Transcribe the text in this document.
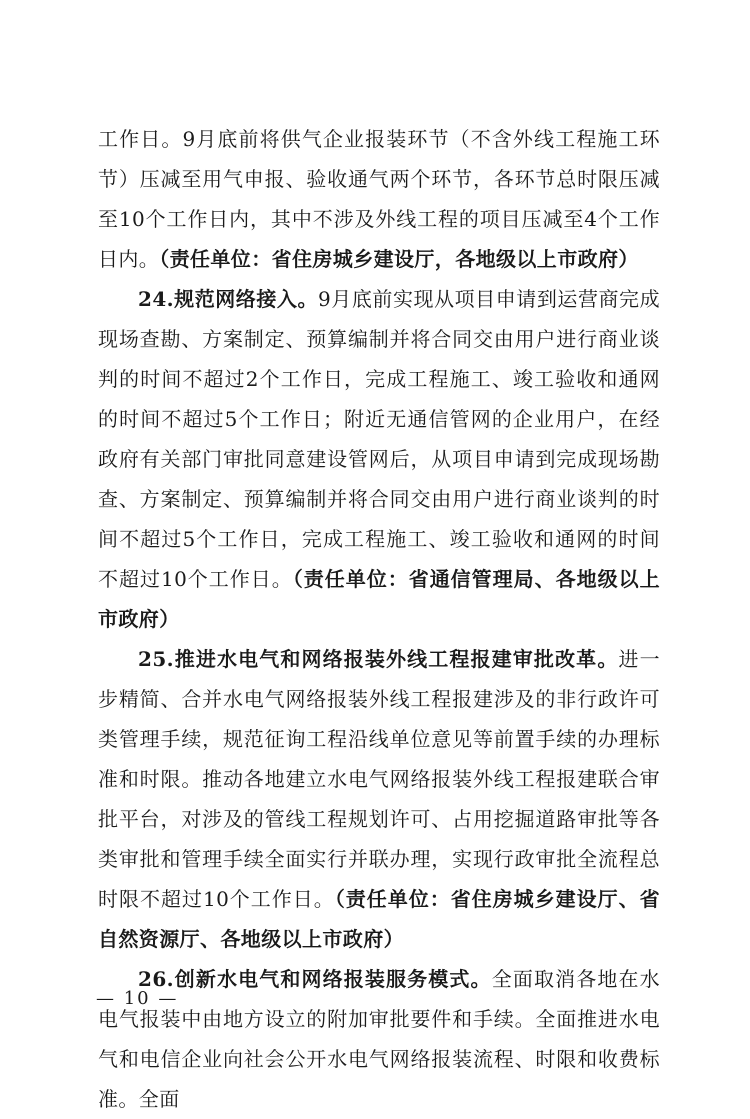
工作日。9月底前将供气企业报装环节（不含外线工程施工环节）压减至用气申报、验收通气两个环节，各环节总时限压减至10个工作日内，其中不涉及外线工程的项目压减至4个工作日内。（责任单位：省住房城乡建设厅，各地级以上市政府）

24.规范网络接入。9月底前实现从项目申请到运营商完成现场查勘、方案制定、预算编制并将合同交由用户进行商业谈判的时间不超过2个工作日，完成工程施工、竣工验收和通网的时间不超过5个工作日；附近无通信管网的企业用户，在经政府有关部门审批同意建设管网后，从项目申请到完成现场勘查、方案制定、预算编制并将合同交由用户进行商业谈判的时间不超过5个工作日，完成工程施工、竣工验收和通网的时间不超过10个工作日。（责任单位：省通信管理局、各地级以上市政府）

25.推进水电气和网络报装外线工程报建审批改革。进一步精简、合并水电气网络报装外线工程报建涉及的非行政许可类管理手续，规范征询工程沿线单位意见等前置手续的办理标准和时限。推动各地建立水电气网络报装外线工程报建联合审批平台，对涉及的管线工程规划许可、占用挖掘道路审批等各类审批和管理手续全面实行并联办理，实现行政审批全流程总时限不超过10个工作日。（责任单位：省住房城乡建设厅、省自然资源厅、各地级以上市政府）

26.创新水电气和网络报装服务模式。全面取消各地在水电气报装中由地方设立的附加审批要件和手续。全面推进水电气和电信企业向社会公开水电气网络报装流程、时限和收费标准。全面

— 10 —
